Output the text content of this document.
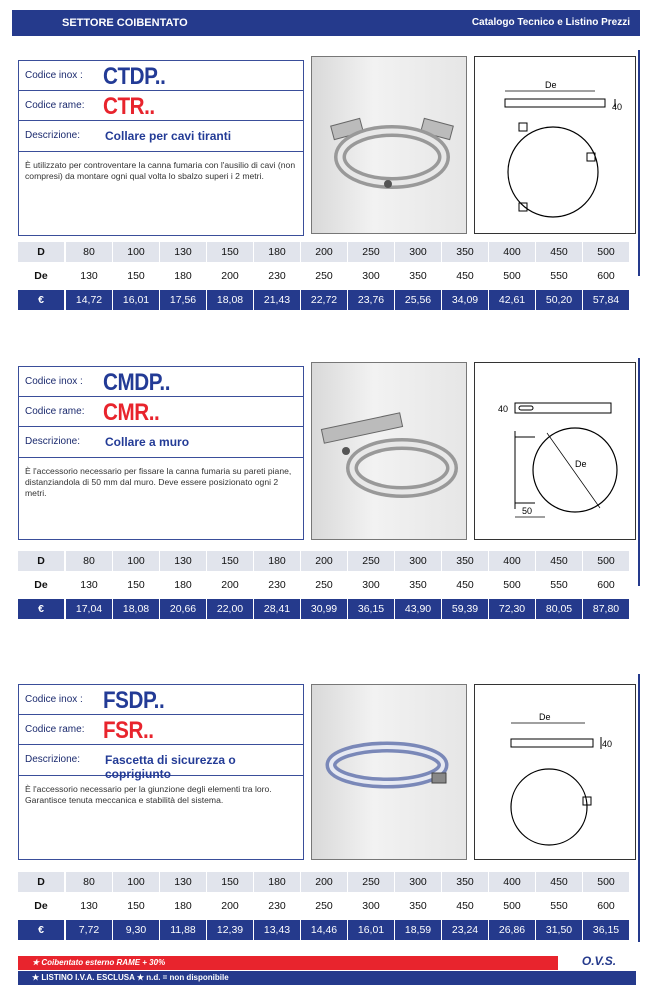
SETTORE COIBENTATO	Catalogo Tecnico e Listino Prezzi
Codice inox : CTDP..
Codice rame: CTR..
Descrizione: Collare per cavi tiranti
È utilizzato per controventare la canna fumaria con l'ausilio di cavi (non compresi) da montare ogni qual volta lo sbalzo superi i 2 metri.
De
40
D	80	100	130	150	180	200	250	300	350	400	450	500
De	130	150	180	200	230	250	300	350	450	500	550	600
€	14,72	16,01	17,56	18,08	21,43	22,72	23,76	25,56	34,09	42,61	50,20	57,84
Codice inox : CMDP..
Codice rame: CMR..
Descrizione: Collare a muro
È l'accessorio necessario per fissare la canna fumaria su pareti piane, distanziandola di 50 mm dal muro. Deve essere posizionato ogni 2 metri.
40
De
50
D	80	100	130	150	180	200	250	300	350	400	450	500
De	130	150	180	200	230	250	300	350	450	500	550	600
€	17,04	18,08	20,66	22,00	28,41	30,99	36,15	43,90	59,39	72,30	80,05	87,80
Codice inox : FSDP..
Codice rame: FSR..
Descrizione: Fascetta di sicurezza o coprigiunto
È l'accessorio necessario per la giunzione degli elementi tra loro. Garantisce tenuta meccanica e stabilità del sistema.
De
40
D	80	100	130	150	180	200	250	300	350	400	450	500
De	130	150	180	200	230	250	300	350	450	500	550	600
€	7,72	9,30	11,88	12,39	13,43	14,46	16,01	18,59	23,24	26,86	31,50	36,15
★ Coibentato esterno RAME + 30%
★ LISTINO I.V.A. ESCLUSA ★ n.d. = non disponibile
O.V.S.
